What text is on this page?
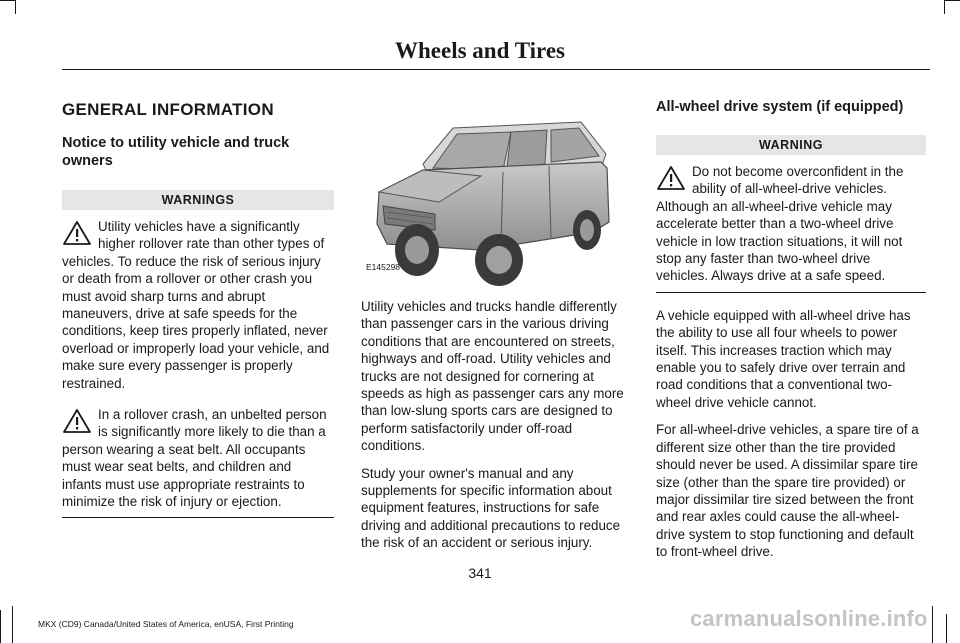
Wheels and Tires
GENERAL INFORMATION
Notice to utility vehicle and truck owners
WARNINGS

Utility vehicles have a significantly higher rollover rate than other types of vehicles. To reduce the risk of serious injury or death from a rollover or other crash you must avoid sharp turns and abrupt maneuvers, drive at safe speeds for the conditions, keep tires properly inflated, never overload or improperly load your vehicle, and make sure every passenger is properly restrained.

In a rollover crash, an unbelted person is significantly more likely to die than a person wearing a seat belt. All occupants must wear seat belts, and children and infants must use appropriate restraints to minimize the risk of injury or ejection.

Utility vehicles and trucks handle differently than passenger cars in the various driving conditions that are encountered on streets, highways and off-road. Utility vehicles and trucks are not designed for cornering at speeds as high as passenger cars any more than low-slung sports cars are designed to perform satisfactorily under off-road conditions.

Study your owner's manual and any supplements for specific information about equipment features, instructions for safe driving and additional precautions to reduce the risk of an accident or serious injury.

E145298
All-wheel drive system (if equipped)
WARNING

Do not become overconfident in the ability of all-wheel-drive vehicles. Although an all-wheel-drive vehicle may accelerate better than a two-wheel drive vehicle in low traction situations, it will not stop any faster than two-wheel drive vehicles. Always drive at a safe speed.

A vehicle equipped with all-wheel drive has the ability to use all four wheels to power itself. This increases traction which may enable you to safely drive over terrain and road conditions that a conventional two-wheel drive vehicle cannot.

For all-wheel-drive vehicles, a spare tire of a different size other than the tire provided should never be used. A dissimilar spare tire size (other than the spare tire provided) or major dissimilar tire sized between the front and rear axles could cause the all-wheel-drive system to stop functioning and default to front-wheel drive.

341
MKX (CD9) Canada/United States of America, enUSA, First Printing	carmanualsonline.info
